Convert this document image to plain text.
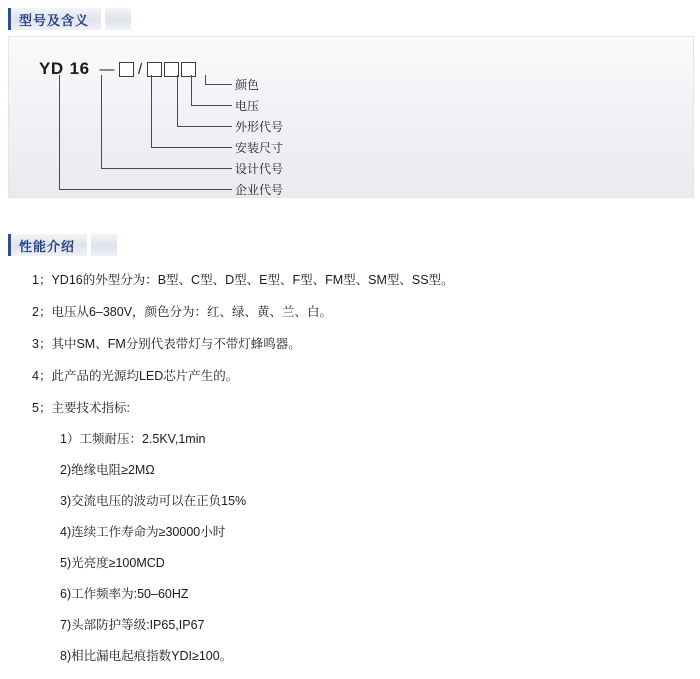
型号及含义
YD 16 — /
颜色
电压
外形代号
安装尺寸
设计代号
企业代号
性能介绍
1；YD16的外型分为：B型、C型、D型、E型、F型、FM型、SM型、SS型。
2；电压从6–380V，颜色分为：红、绿、黄、兰、白。
3；其中SM、FM分别代表带灯与不带灯蜂鸣器。
4；此产品的光源均LED芯片产生的。
5；主要技术指标:
1）工频耐压：2.5KV,1min
2)绝缘电阻≥2MΩ
3)交流电压的波动可以在正负15%
4)连续工作寿命为≥30000小时
5)光亮度≥100MCD
6)工作频率为:50–60HZ
7)头部防护等级:IP65,IP67
8)相比漏电起痕指数YDI≥100。
